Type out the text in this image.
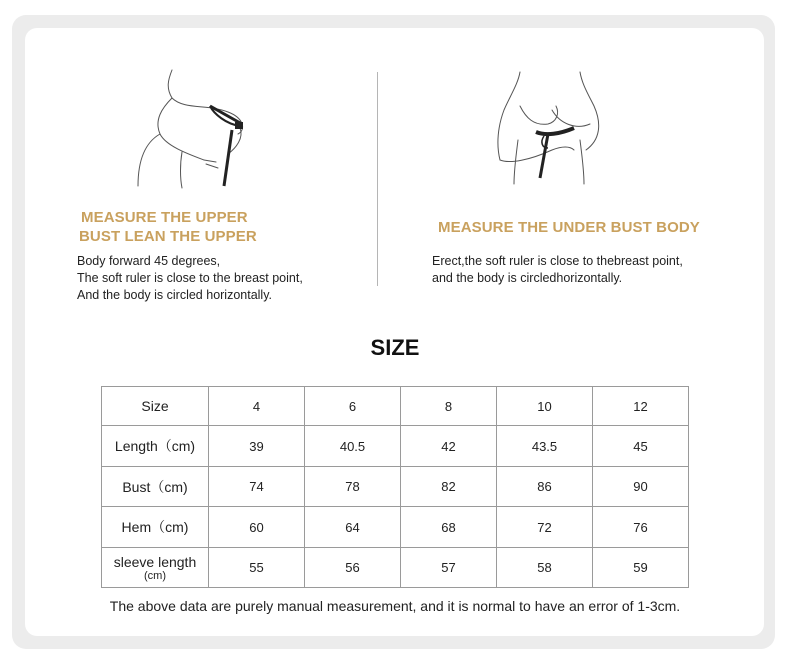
MEASURE THE UPPER
BUST LEAN THE UPPER
Body forward 45 degrees,
The soft ruler is close to the breast point,
And the body is circled horizontally.
MEASURE THE UNDER BUST BODY
Erect,the soft ruler is close to thebreast point,
and the body is circledhorizontally.
SIZE
Size	4	6	8	10	12
Length（cm)	39	40.5	42	43.5	45
Bust（cm)	74	78	82	86	90
Hem（cm)	60	64	68	72	76

sleeve length
(cm)	55	56	57	58	59
The above data are purely manual measurement, and it is normal to have an error of 1-3cm.
